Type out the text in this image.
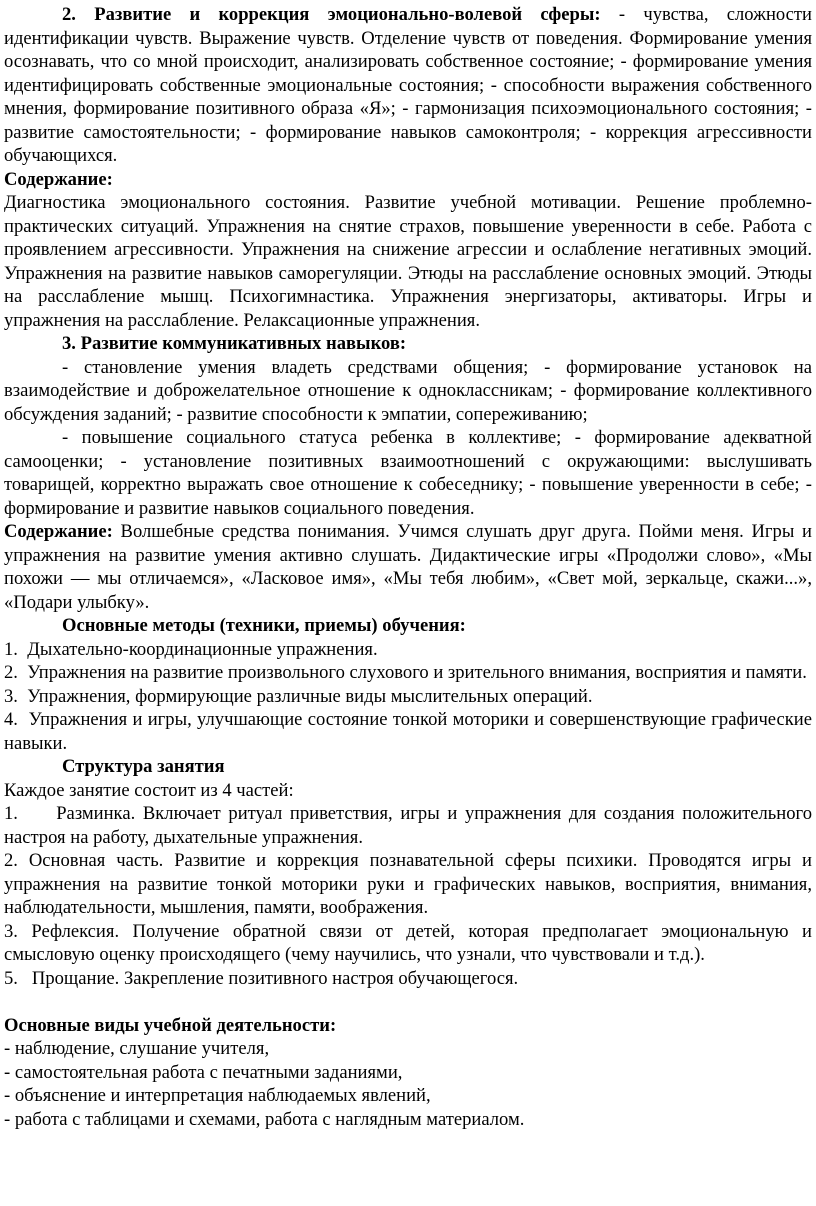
2. Развитие и коррекция эмоционально-волевой сферы: - чувства, сложности идентификации чувств. Выражение чувств. Отделение чувств от поведения. Формирование умения осознавать, что со мной происходит, анализировать собственное состояние; - формирование умения идентифицировать собственные эмоциональные состояния; - способности выражения собственного мнения, формирование позитивного образа «Я»; - гармонизация психоэмоционального состояния; - развитие самостоятельности; - формирование навыков самоконтроля; - коррекция агрессивности обучающихся.

Содержание:

Диагностика эмоционального состояния. Развитие учебной мотивации. Решение проблемно-практических ситуаций. Упражнения на снятие страхов, повышение уверенности в себе. Работа с проявлением агрессивности. Упражнения на снижение агрессии и ослабление негативных эмоций. Упражнения на развитие навыков саморегуляции. Этюды на расслабление основных эмоций. Этюды на расслабление мышц. Психогимнастика. Упражнения энергизаторы, активаторы. Игры и упражнения на расслабление. Релаксационные упражнения.

3. Развитие коммуникативных навыков:

- становление умения владеть средствами общения; - формирование установок на взаимодействие и доброжелательное отношение к одноклассникам; - формирование коллективного обсуждения заданий; - развитие способности к эмпатии, сопереживанию;

- повышение социального статуса ребенка в коллективе; - формирование адекватной самооценки; - установление позитивных взаимоотношений с окружающими: выслушивать товарищей, корректно выражать свое отношение к собеседнику; - повышение уверенности в себе; - формирование и развитие навыков социального поведения.

Содержание: Волшебные средства понимания. Учимся слушать друг друга. Пойми меня. Игры и упражнения на развитие умения активно слушать. Дидактические игры «Продолжи слово», «Мы похожи — мы отличаемся», «Ласковое имя», «Мы тебя любим», «Свет мой, зеркальце, скажи...», «Подари улыбку».

Основные методы (техники, приемы) обучения:

1. Дыхательно-координационные упражнения.

2. Упражнения на развитие произвольного слухового и зрительного внимания, восприятия и памяти.

3. Упражнения, формирующие различные виды мыслительных операций.

4. Упражнения и игры, улучшающие состояние тонкой моторики и совершенствующие графические навыки.

Структура занятия

Каждое занятие состоит из 4 частей:

1. Разминка. Включает ритуал приветствия, игры и упражнения для создания положительного настроя на работу, дыхательные упражнения.

2. Основная часть. Развитие и коррекция познавательной сферы психики. Проводятся игры и упражнения на развитие тонкой моторики руки и графических навыков, восприятия, внимания, наблюдательности, мышления, памяти, воображения.

3. Рефлексия. Получение обратной связи от детей, которая предполагает эмоциональную и смысловую оценку происходящего (чему научились, что узнали, что чувствовали и т.д.).

5. Прощание. Закрепление позитивного настроя обучающегося.

Основные виды учебной деятельности:

- наблюдение, слушание учителя,

- самостоятельная работа с печатными заданиями,

- объяснение и интерпретация наблюдаемых явлений,

- работа с таблицами и схемами, работа с наглядным материалом.
